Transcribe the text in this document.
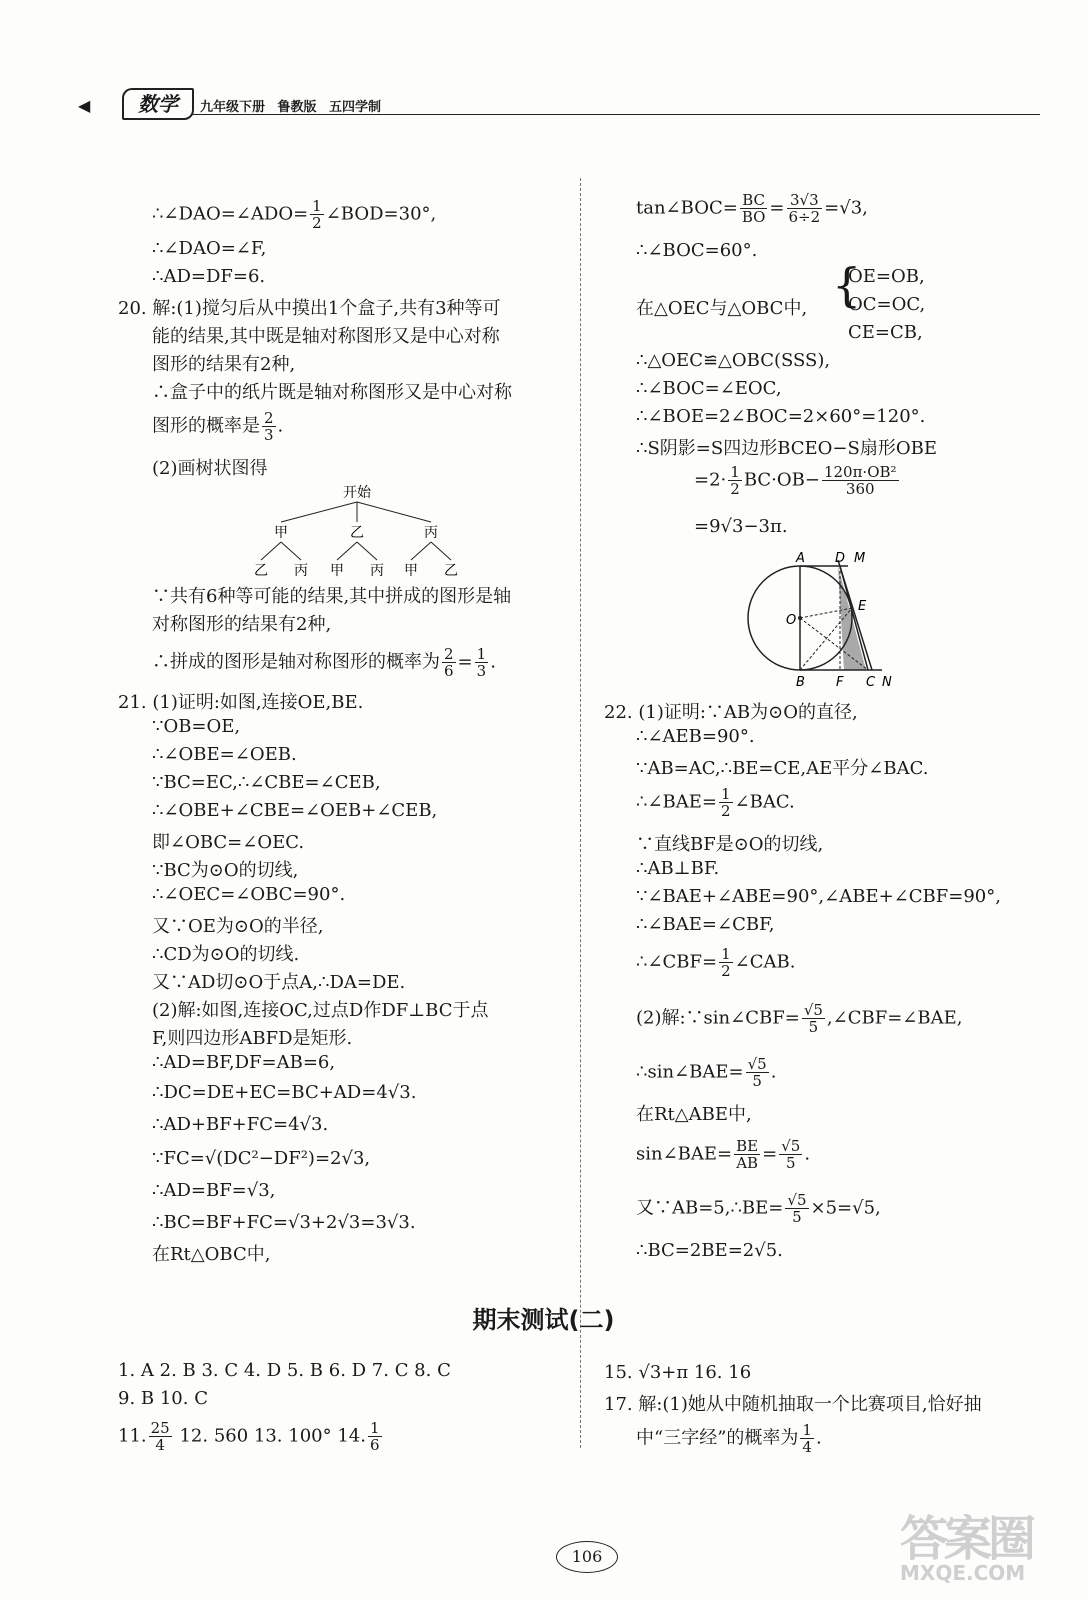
◀	数学	九年级下册 鲁教版 五四学制
∴∠DAO=∠ADO= $\frac{1}{2}$ ∠BOD=30°,
∴∠DAO=∠F,
∴AD=DF=6.
20. 解:(1)搅匀后从中摸出1个盒子,共有3种等可
能的结果,其中既是轴对称图形又是中心对称
图形的结果有2种,
∴盒子中的纸片既是轴对称图形又是中心对称
图形的概率是 $\frac{2}{3}$ .
(2)画树状图得
开始
甲	乙	丙
乙 丙 甲 丙 甲 乙
∵共有6种等可能的结果,其中拼成的图形是轴
对称图形的结果有2种,
∴拼成的图形是轴对称图形的概率为 $\frac{2}{6} = \frac{1}{3}$ .
21. (1)证明:如图,连接OE,BE.
∵OB=OE,
∴∠OBE=∠OEB.
∵BC=EC,∴∠CBE=∠CEB,
∴∠OBE+∠CBE=∠OEB+∠CEB,
即∠OBC=∠OEC.
∵BC为⊙O的切线,
∴∠OEC=∠OBC=90°.
又∵OE为⊙O的半径,
∴CD为⊙O的切线.
又∵AD切⊙O于点A,∴DA=DE.
(2)解:如图,连接OC,过点D作DF⊥BC于点
F,则四边形ABFD是矩形.
∴AD=BF,DF=AB=6,
∴DC=DE+EC=BC+AD=4√3.
∴AD+BF+FC=4√3.
∵FC=√(DC²−DF²)=2√3,
∴AD=BF=√3,
∴BC=BF+FC=√3+2√3=3√3.
在Rt△OBC中,
tan∠BOC= $\frac{BC}{BO} = \frac{3√3}{6\div 2} =√3$,
∴∠BOC=60°.
在△OEC与△OBC中, {
OE=OB,
OC=OC,
CE=CB,
∴△OEC≌△OBC(SSS),
∴∠BOC=∠EOC,
∴∠BOE=2∠BOC=2×60°=120°.
∴S阴影=S四边形BCEO−S扇形OBE
$=2\cdot \frac{1}{2} BC\cdot OB- \frac{\text{120π·OB²}}{360}$
=9√3−3π.
A D M
O
E
B F C N
22. (1)证明:∵AB为⊙O的直径,
∴∠AEB=90°.
∵AB=AC,∴BE=CE,AE平分∠BAC.
∴∠BAE= $\frac{1}{2}$ ∠BAC.
∵直线BF是⊙O的切线,
∴AB⊥BF.
∵∠BAE+∠ABE=90°,∠ABE+∠CBF=90°,
∴∠BAE=∠CBF,
∴∠CBF= $\frac{1}{2}$ ∠CAB.
(2)解:∵sin∠CBF= $\frac{√5}{5}$ ,∠CBF=∠BAE,
∴sin∠BAE= $\frac{√5}{5}$ .
在Rt△ABE中,
sin∠BAE= $\frac{BE}{AB} = \frac{√5}{5}$ .
又∵AB=5,∴BE= $\frac{√5}{5} \times 5=√5$,
∴BC=2BE=2√5.
期末测试(二)
1. A 2. B 3. C 4. D 5. B 6. D 7. C 8. C
9. B 10. C
11. $\frac{25}{4} 12$. 560 13. 100° 14. $\frac{1}{6}$
15. √3+π 16. 16
17. 解:(1)她从中随机抽取一个比赛项目,恰好抽
中“三字经”的概率为 $\frac{1}{4}$ .
106	答案圈
MXQE.COM
